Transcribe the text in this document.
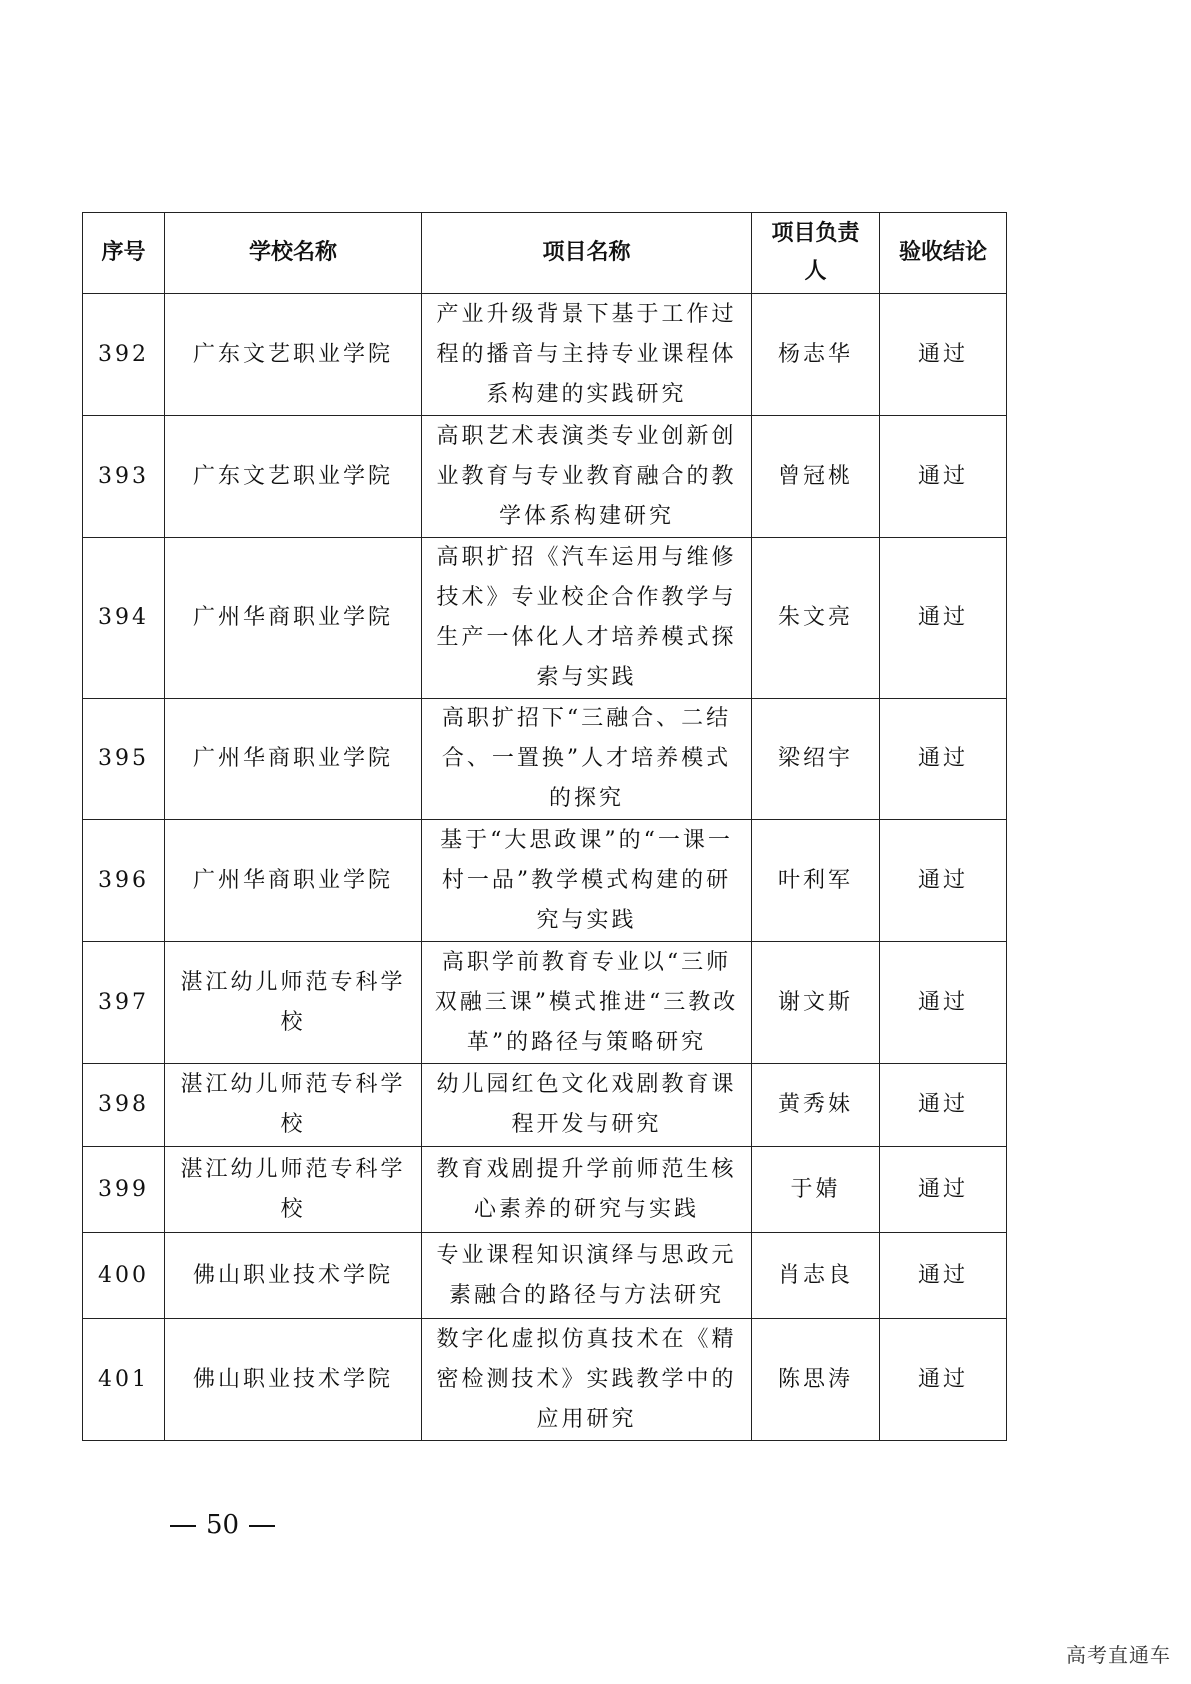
序号	学校名称	项目名称	项目负责人	验收结论
392	广东文艺职业学院	产业升级背景下基于工作过程的播音与主持专业课程体系构建的实践研究	杨志华	通过
393	广东文艺职业学院	高职艺术表演类专业创新创业教育与专业教育融合的教学体系构建研究	曾冠桃	通过
394	广州华商职业学院	高职扩招《汽车运用与维修技术》专业校企合作教学与生产一体化人才培养模式探索与实践	朱文亮	通过
395	广州华商职业学院	高职扩招下“三融合、二结合、一置换”人才培养模式的探究	梁绍宇	通过
396	广州华商职业学院	基于“大思政课”的“一课一村一品”教学模式构建的研究与实践	叶利军	通过
397	湛江幼儿师范专科学校	高职学前教育专业以“三师双融三课”模式推进“三教改革”的路径与策略研究	谢文斯	通过
398	湛江幼儿师范专科学校	幼儿园红色文化戏剧教育课程开发与研究	黄秀妹	通过
399	湛江幼儿师范专科学校	教育戏剧提升学前师范生核心素养的研究与实践	于婧	通过
400	佛山职业技术学院	专业课程知识演绎与思政元素融合的路径与方法研究	肖志良	通过
401	佛山职业技术学院	数字化虚拟仿真技术在《精密检测技术》实践教学中的应用研究	陈思涛	通过
50
高考直通车
